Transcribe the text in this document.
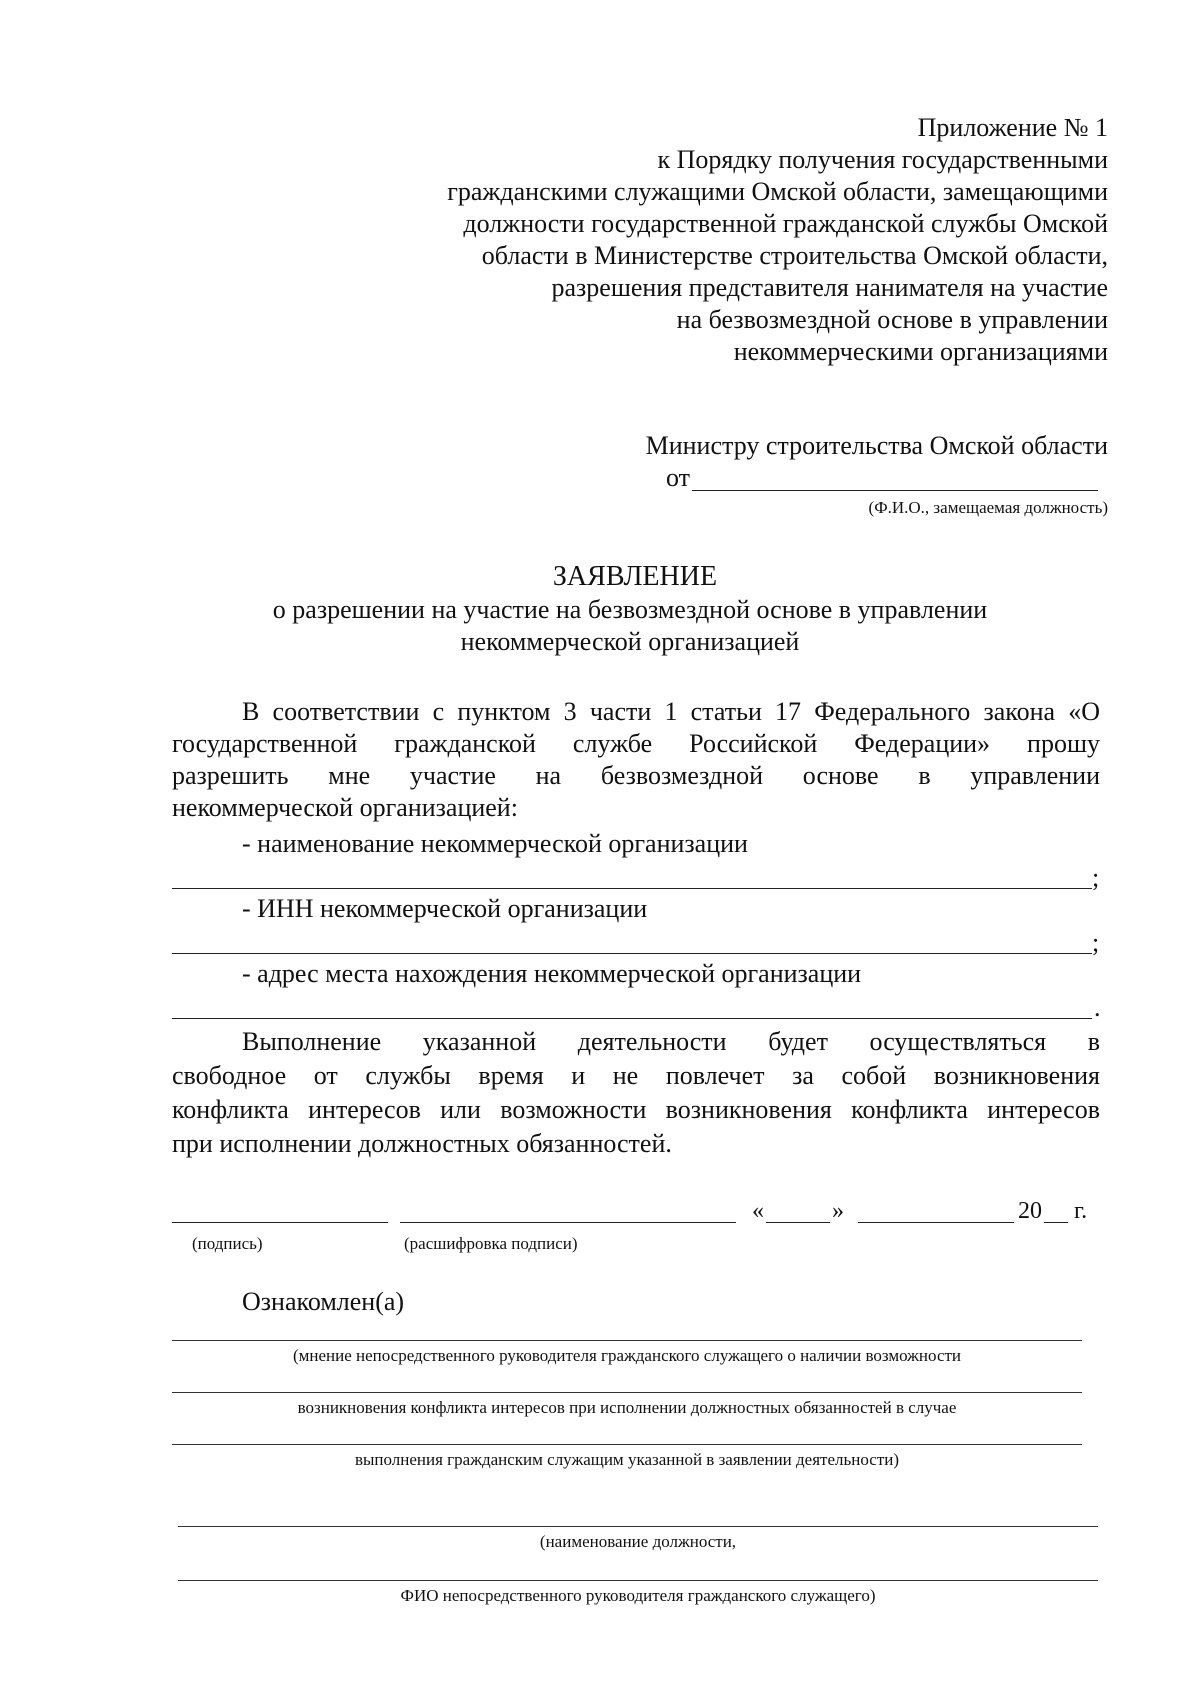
Приложение № 1
к Порядку получения государственными
гражданскими служащими Омской области, замещающими
должности государственной гражданской службы Омской
области в Министерстве строительства Омской области,
разрешения представителя нанимателя на участие
на безвозмездной основе в управлении
некоммерческими организациями
Министру строительства Омской области
от
(Ф.И.О., замещаемая должность)
ЗАЯВЛЕНИЕ
о разрешении на участие на безвозмездной основе в управлении
некоммерческой организацией
В соответствии с пунктом 3 части 1 статьи 17 Федерального закона «О
государственной гражданской службе Российской Федерации» прошу
разрешить мне участие на безвозмездной основе в управлении
некоммерческой организацией:
- наименование некоммерческой организации
;
- ИНН некоммерческой организации
;
- адрес места нахождения некоммерческой организации
.
Выполнение указанной деятельности будет осуществляться в
свободное от службы время и не повлечет за собой возникновения
конфликта интересов или возможности возникновения конфликта интересов
при исполнении должностных обязанностей.
«	»	20 г.
(подпись)	(расшифровка подписи)
Ознакомлен(а)
(мнение непосредственного руководителя гражданского служащего о наличии возможности
возникновения конфликта интересов при исполнении должностных обязанностей в случае
выполнения гражданским служащим указанной в заявлении деятельности)
(наименование должности,
ФИО непосредственного руководителя гражданского служащего)
